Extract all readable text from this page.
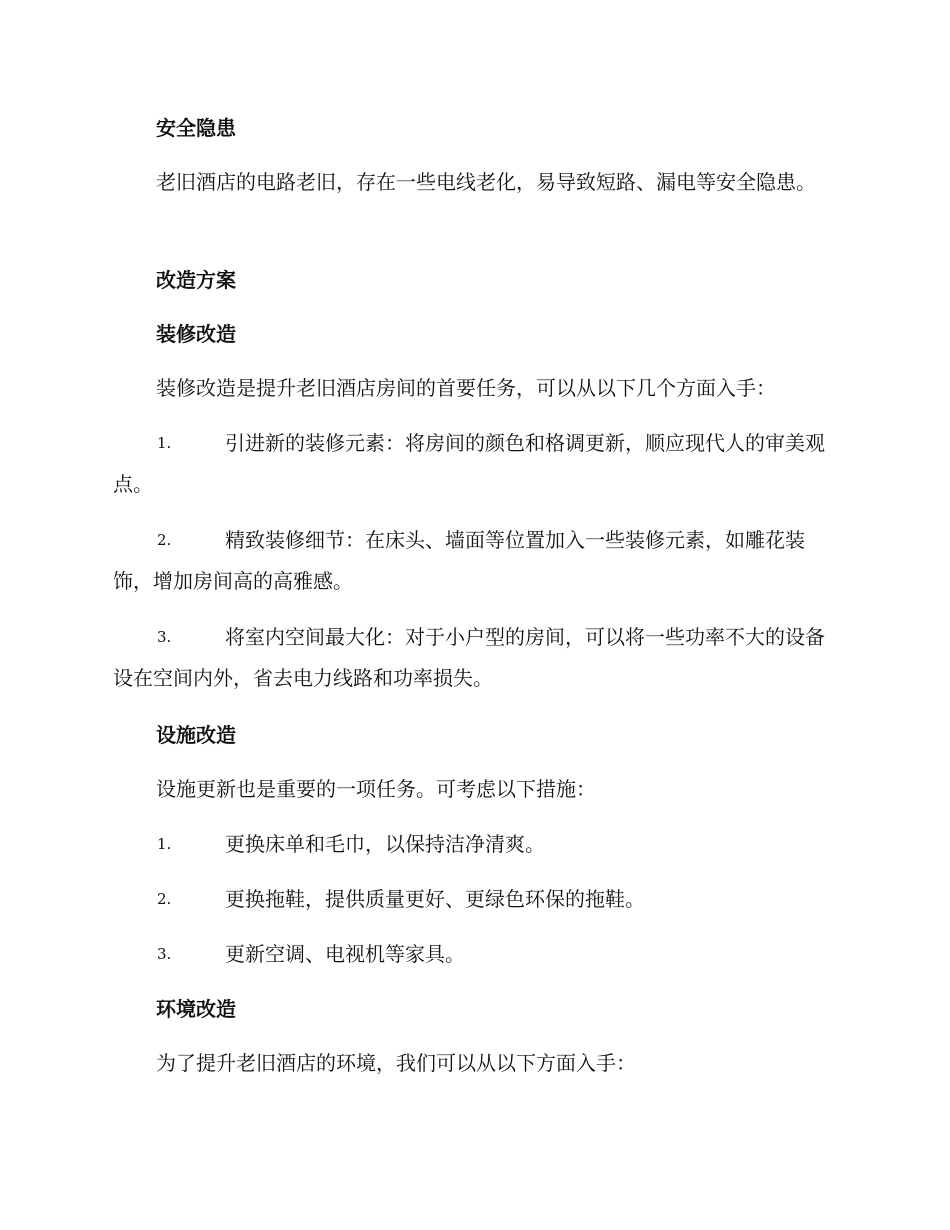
安全隐患

老旧酒店的电路老旧，存在一些电线老化，易导致短路、漏电等安全隐患。

改造方案
装修改造

装修改造是提升老旧酒店房间的首要任务，可以从以下几个方面入手：

1.	引进新的装修元素：将房间的颜色和格调更新，顺应现代人的审美观点。
2.	精致装修细节：在床头、墙面等位置加入一些装修元素，如雕花装饰，增加房间高的高雅感。
3.	将室内空间最大化：对于小户型的房间，可以将一些功率不大的设备设在空间内外，省去电力线路和功率损失。
设施改造

设施更新也是重要的一项任务。可考虑以下措施：

1.	更换床单和毛巾，以保持洁净清爽。
2.	更换拖鞋，提供质量更好、更绿色环保的拖鞋。
3.	更新空调、电视机等家具。
环境改造

为了提升老旧酒店的环境，我们可以从以下方面入手：
